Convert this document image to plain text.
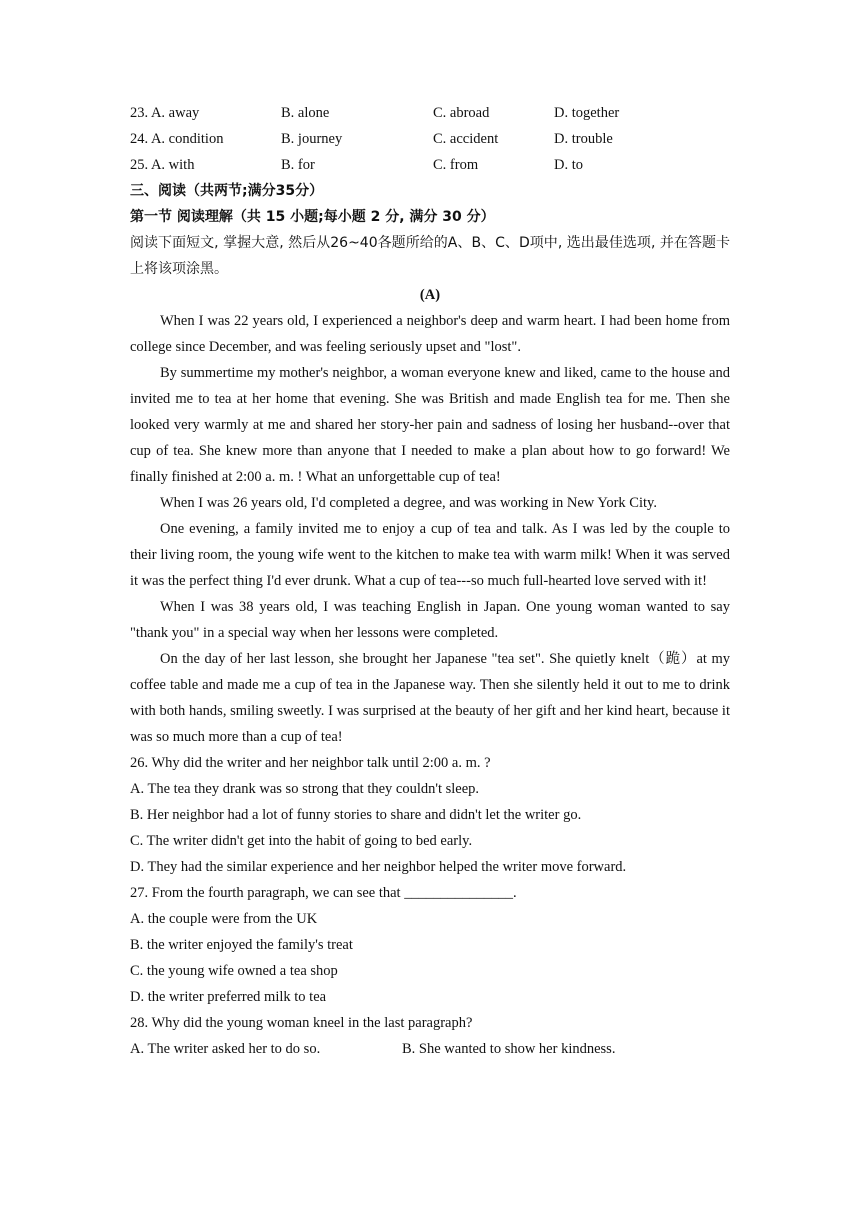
23. A. away	B. alone	C. abroad	D. together
24. A. condition	B. journey	C. accident	D. trouble
25. A. with	B. for	C. from	D. to
三、阅读（共两节;满分35分）
第一节 阅读理解（共 15 小题;每小题 2 分, 满分 30 分）

阅读下面短文, 掌握大意, 然后从26~40各题所给的A、B、C、D项中, 选出最佳选项, 并在答题卡上将该项涂黑。

(A)

When I was 22 years old, I experienced a neighbor's deep and warm heart. I had been home from college since December, and was feeling seriously upset and "lost".

By summertime my mother's neighbor, a woman everyone knew and liked, came to the house and invited me to tea at her home that evening. She was British and made English tea for me. Then she looked very warmly at me and shared her story-her pain and sadness of losing her husband--over that cup of tea. She knew more than anyone that I needed to make a plan about how to go forward! We finally finished at 2:00 a. m. ! What an unforgettable cup of tea!

When I was 26 years old, I'd completed a degree, and was working in New York City.

One evening, a family invited me to enjoy a cup of tea and talk. As I was led by the couple to their living room, the young wife went to the kitchen to make tea with warm milk! When it was served it was the perfect thing I'd ever drunk. What a cup of tea---so much full-hearted love served with it!

When I was 38 years old, I was teaching English in Japan. One young woman wanted to say "thank you" in a special way when her lessons were completed.

On the day of her last lesson, she brought her Japanese "tea set". She quietly knelt（跪）at my coffee table and made me a cup of tea in the Japanese way. Then she silently held it out to me to drink with both hands, smiling sweetly. I was surprised at the beauty of her gift and her kind heart, because it was so much more than a cup of tea!

26. Why did the writer and her neighbor talk until 2:00 a. m. ?
A. The tea they drank was so strong that they couldn't sleep.
B. Her neighbor had a lot of funny stories to share and didn't let the writer go.
C. The writer didn't get into the habit of going to bed early.
D. They had the similar experience and her neighbor helped the writer move forward.
27. From the fourth paragraph, we can see that _______________.
A. the couple were from the UK
B. the writer enjoyed the family's treat
C. the young wife owned a tea shop
D. the writer preferred milk to tea
28. Why did the young woman kneel in the last paragraph?
A. The writer asked her to do so.	B. She wanted to show her kindness.
